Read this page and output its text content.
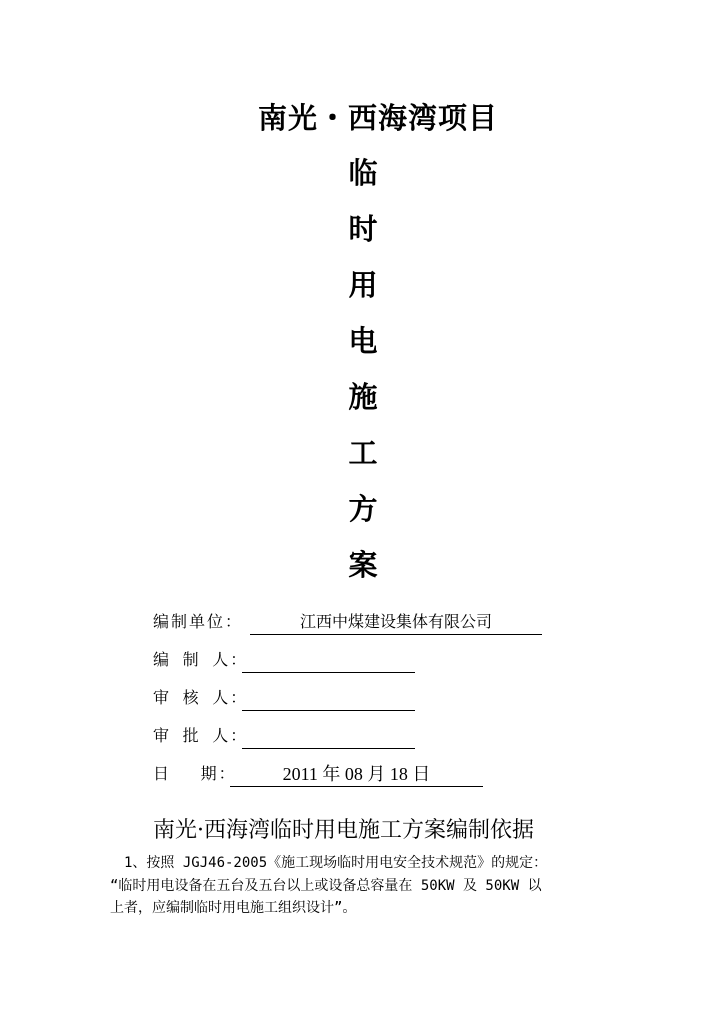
南光・西海湾项目
临
时
用
电
施
工
方
案
编制单位：	江西中煤建设集体有限公司
编 制 人：
审 核 人：
审 批 人：
日　 期：	2011 年 08 月 18 日
南光·西海湾临时用电施工方案编制依据
　1、按照 JGJ46-2005《施工现场临时用电安全技术规范》的规定：
“临时用电设备在五台及五台以上或设备总容量在 50KW 及 50KW 以
上者，应编制临时用电施工组织设计”。
